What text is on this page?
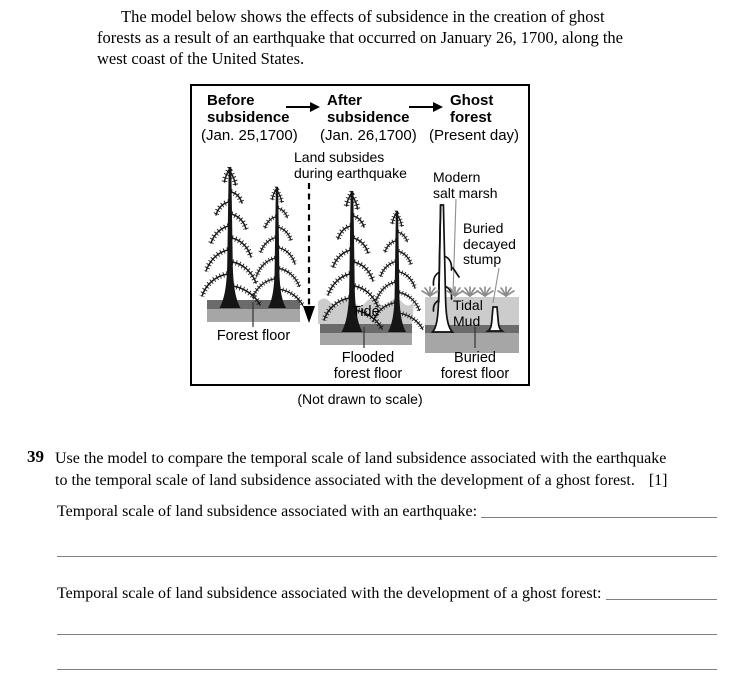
The model below shows the effects of subsidence in the creation of ghost
forests as a result of an earthquake that occurred on January 26, 1700, along the
west coast of the United States.
Before
subsidence
(Jan. 25,1700)
After
subsidence
(Jan. 26,1700)
Ghost
forest
(Present day)
Land subsides
during earthquake Modern
salt marsh
Buried
decayed
stump
Tide	Tidal
Mud
Forest floor
Flooded
forest floor
Buried
forest floor
(Not drawn to scale)
39 Use the model to compare the temporal scale of land subsidence associated with the earthquake
to the temporal scale of land subsidence associated with the development of a ghost forest. [1]
Temporal scale of land subsidence associated with an earthquake:
Temporal scale of land subsidence associated with the development of a ghost forest:
